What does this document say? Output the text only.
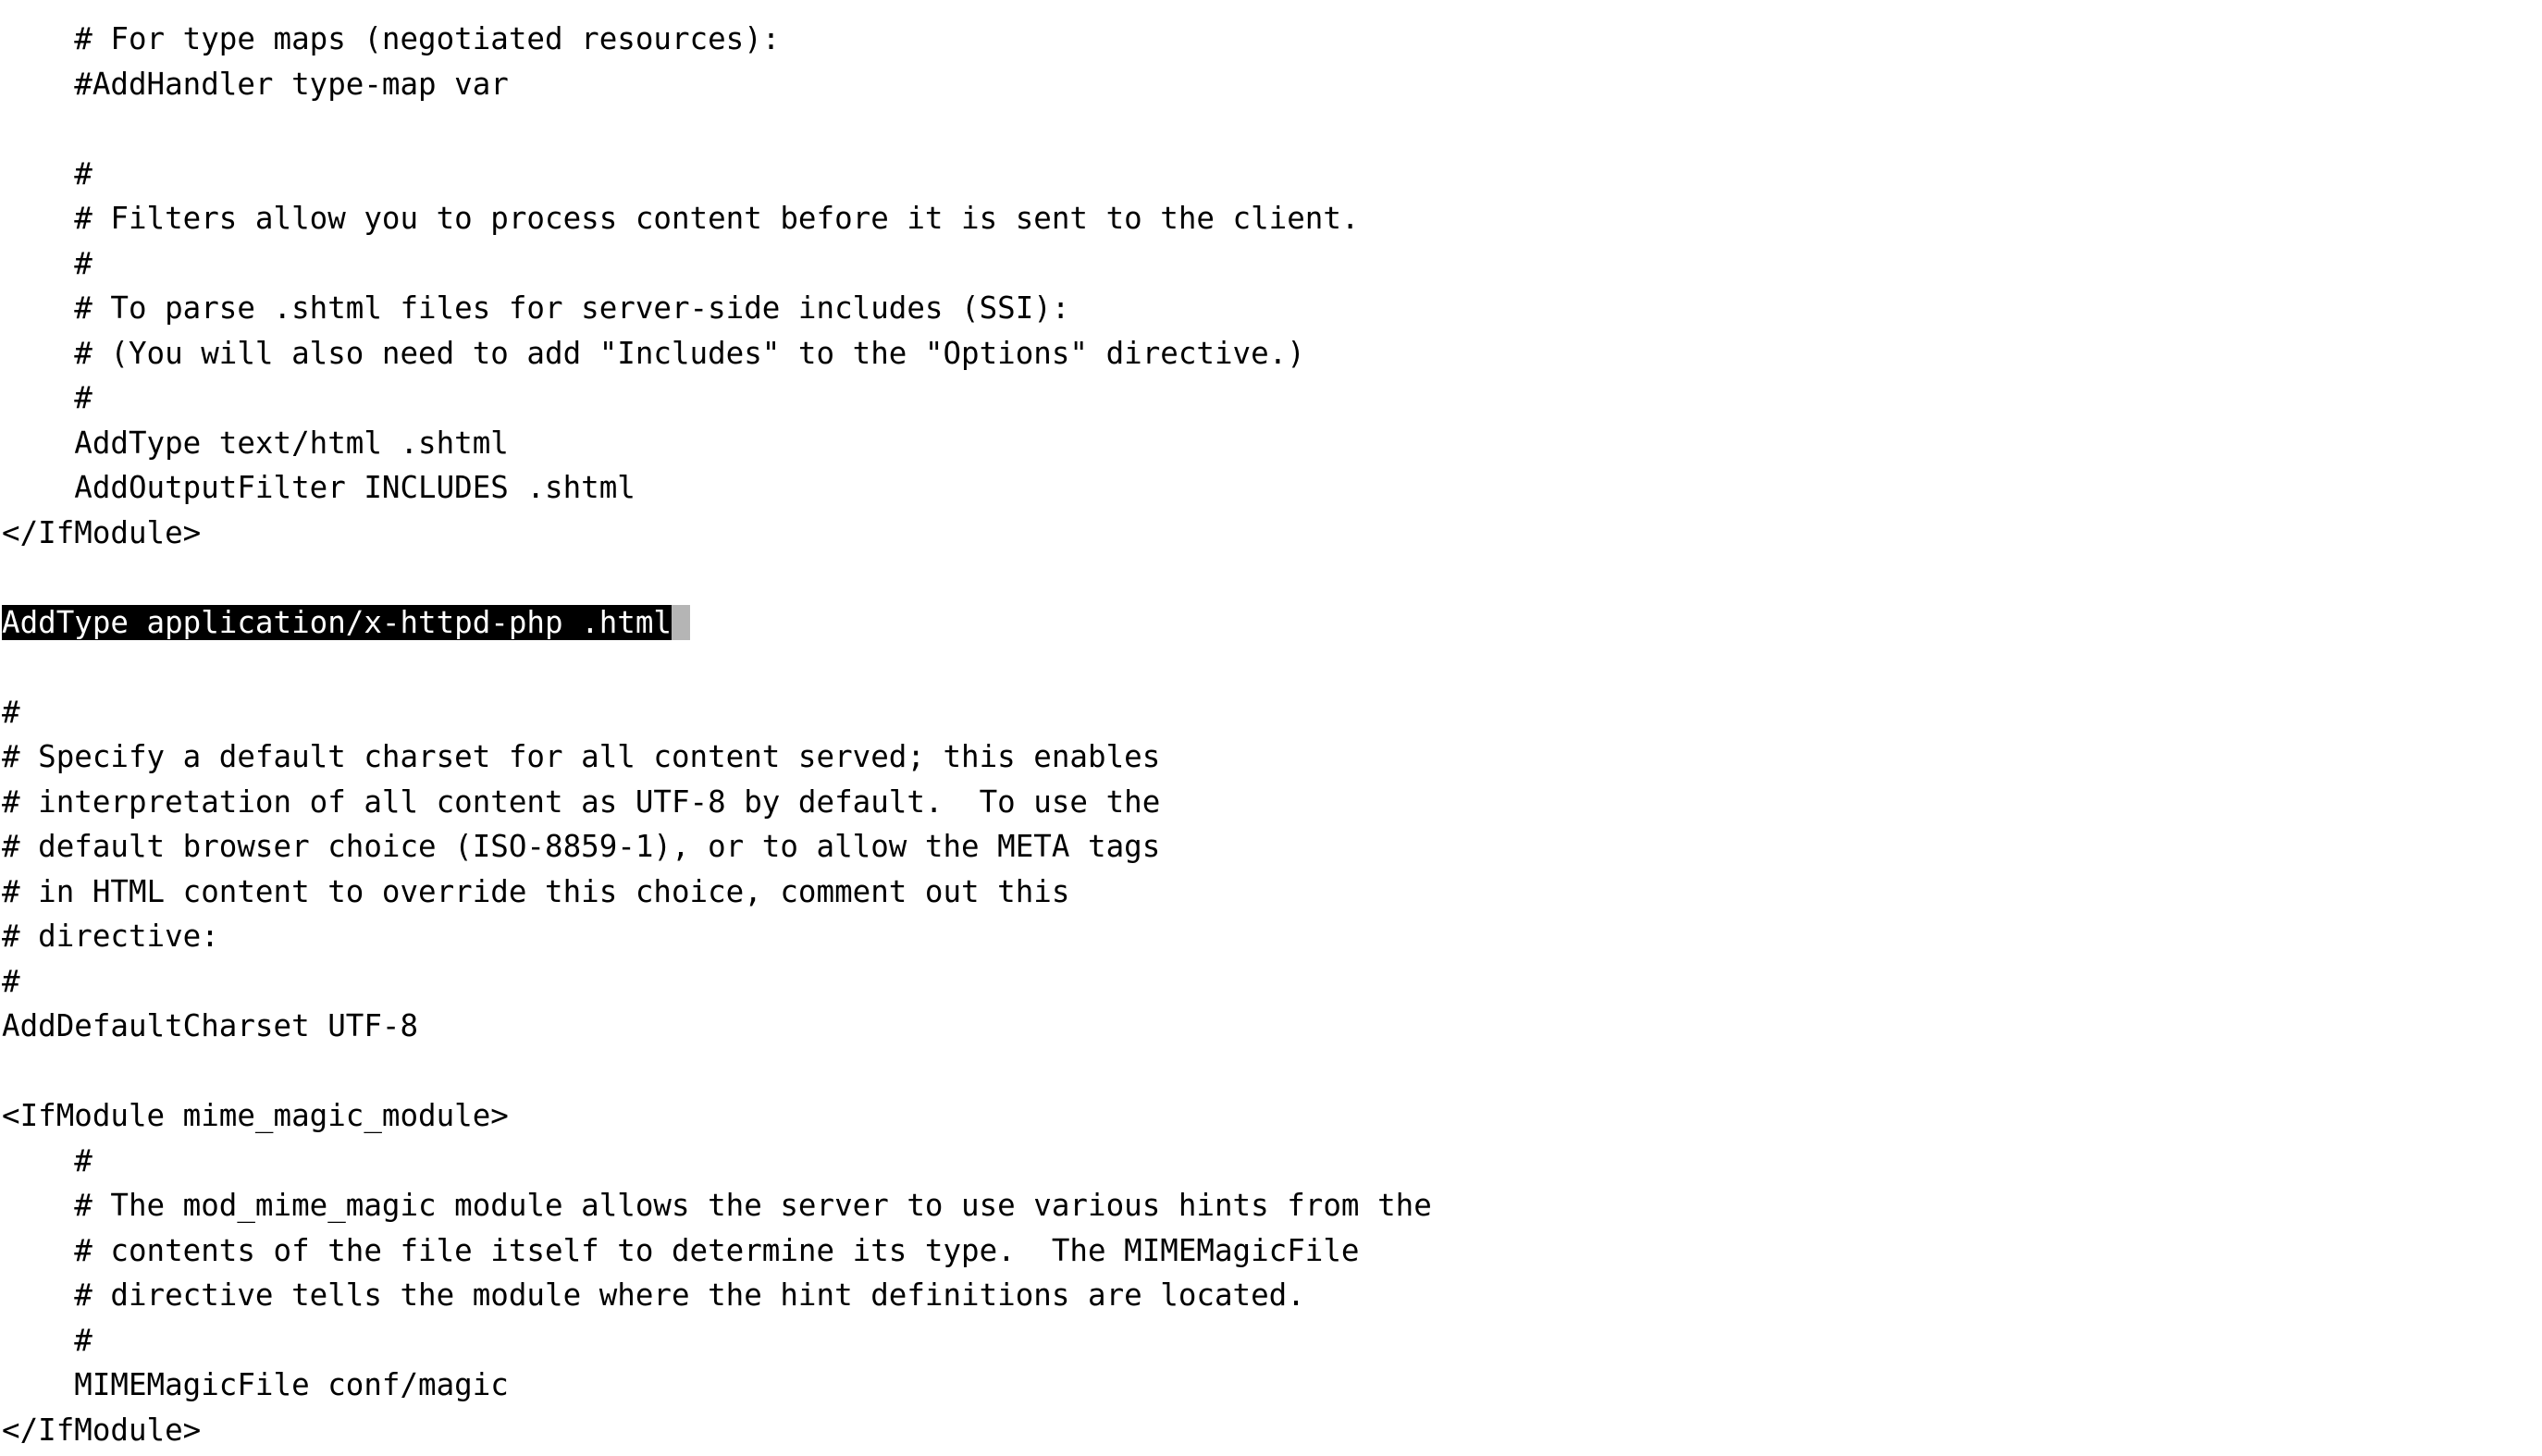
# For type maps (negotiated resources):
#AddHandler type-map var

#
# Filters allow you to process content before it is sent to the client.
#
# To parse .shtml files for server-side includes (SSI):
# (You will also need to add "Includes" to the "Options" directive.)
#
AddType text/html .shtml
AddOutputFilter INCLUDES .shtml
</IfModule>

AddType application/x-httpd-php .html

#
# Specify a default charset for all content served; this enables
# interpretation of all content as UTF-8 by default.  To use the
# default browser choice (ISO-8859-1), or to allow the META tags
# in HTML content to override this choice, comment out this
# directive:
#
AddDefaultCharset UTF-8

<IfModule mime_magic_module>
#
# The mod_mime_magic module allows the server to use various hints from the
# contents of the file itself to determine its type.  The MIMEMagicFile
# directive tells the module where the hint definitions are located.
#
MIMEMagicFile conf/magic
</IfModule>
